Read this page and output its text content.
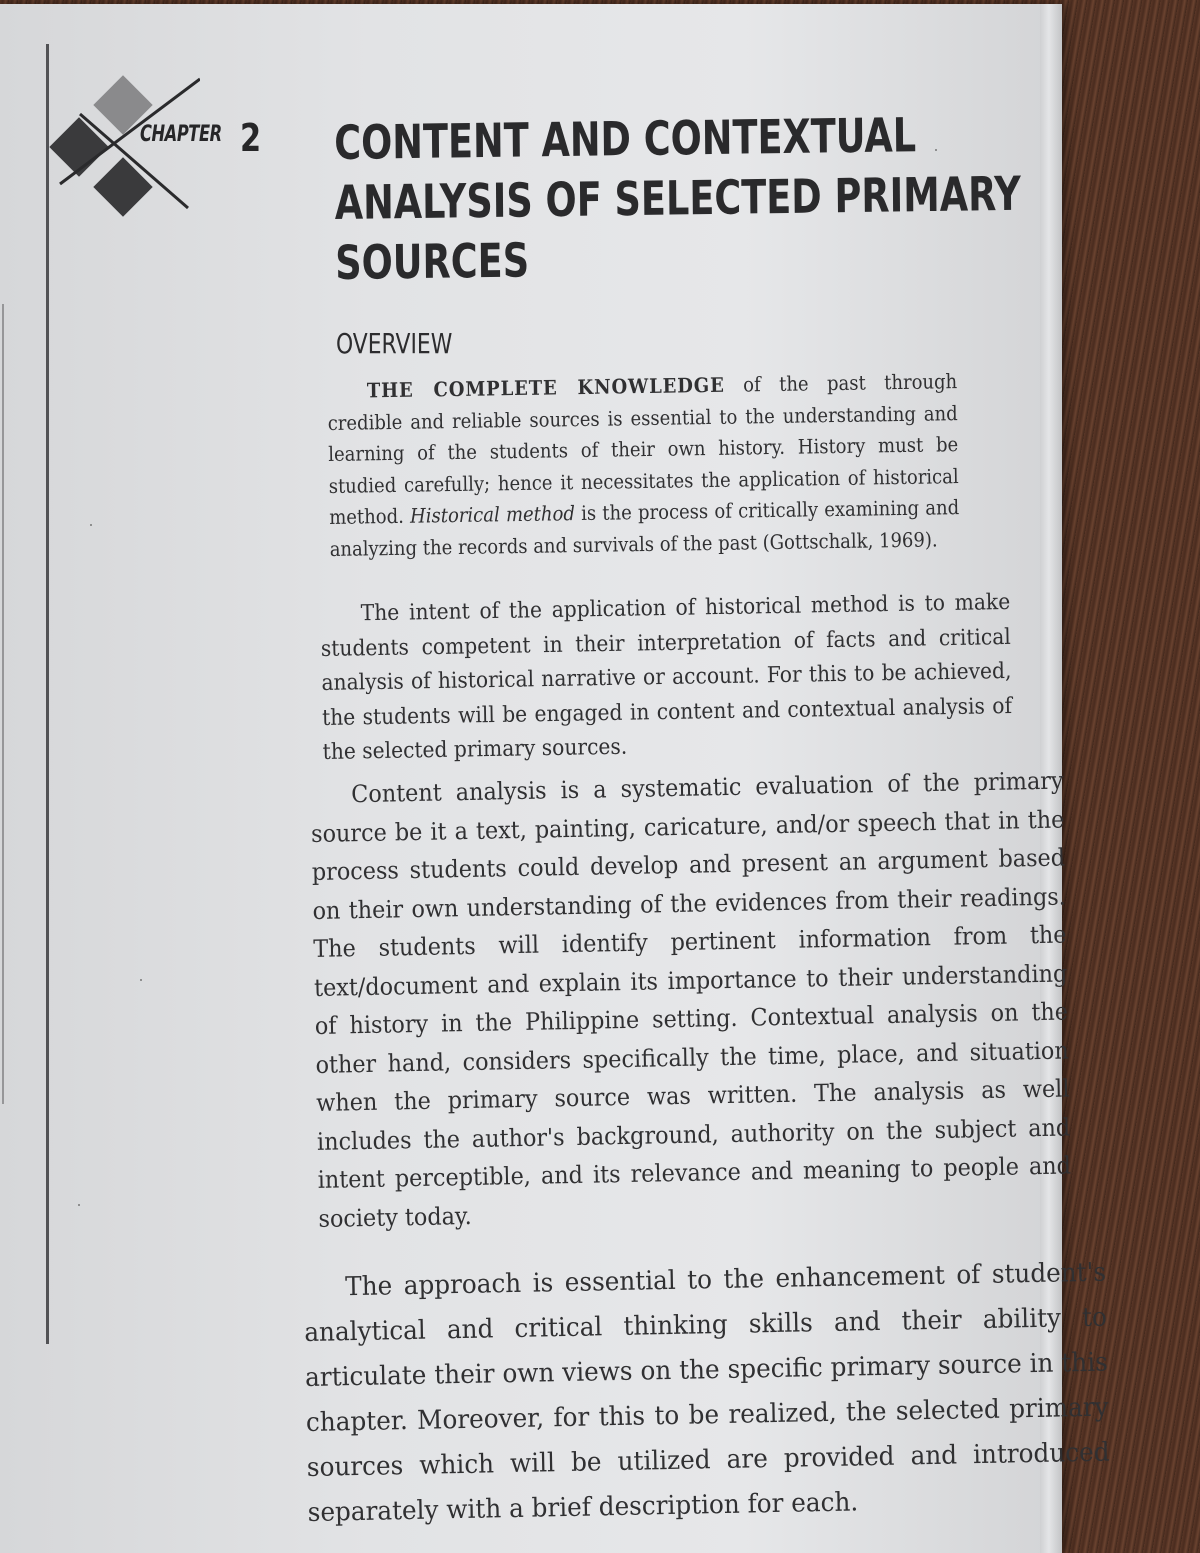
CHAPTER 2 CONTENT AND CONTEXTUAL
ANALYSIS OF SELECTED PRIMARY
SOURCES
OVERVIEW

THE COMPLETE KNOWLEDGE of the past through credible and reliable sources is essential to the understanding and learning of the students of their own history. History must be studied carefully; hence it necessitates the application of historical method. Historical method is the process of critically examining and analyzing the records and survivals of the past (Gottschalk, 1969).

The intent of the application of historical method is to make students competent in their interpretation of facts and critical analysis of historical narrative or account. For this to be achieved, the students will be engaged in content and contextual analysis of the selected primary sources.

Content analysis is a systematic evaluation of the primary source be it a text, painting, caricature, and/or speech that in the process students could develop and present an argument based on their own understanding of the evidences from their readings. The students will identify pertinent information from the text/document and explain its importance to their understanding of history in the Philippine setting. Contextual analysis on the other hand, considers specifically the time, place, and situation when the primary source was written. The analysis as well includes the author's background, authority on the subject and intent perceptible, and its relevance and meaning to people and society today.

The approach is essential to the enhancement of student's analytical and critical thinking skills and their ability to articulate their own views on the specific primary source in this chapter. Moreover, for this to be realized, the selected primary sources which will be utilized are provided and introduced separately with a brief description for each.
